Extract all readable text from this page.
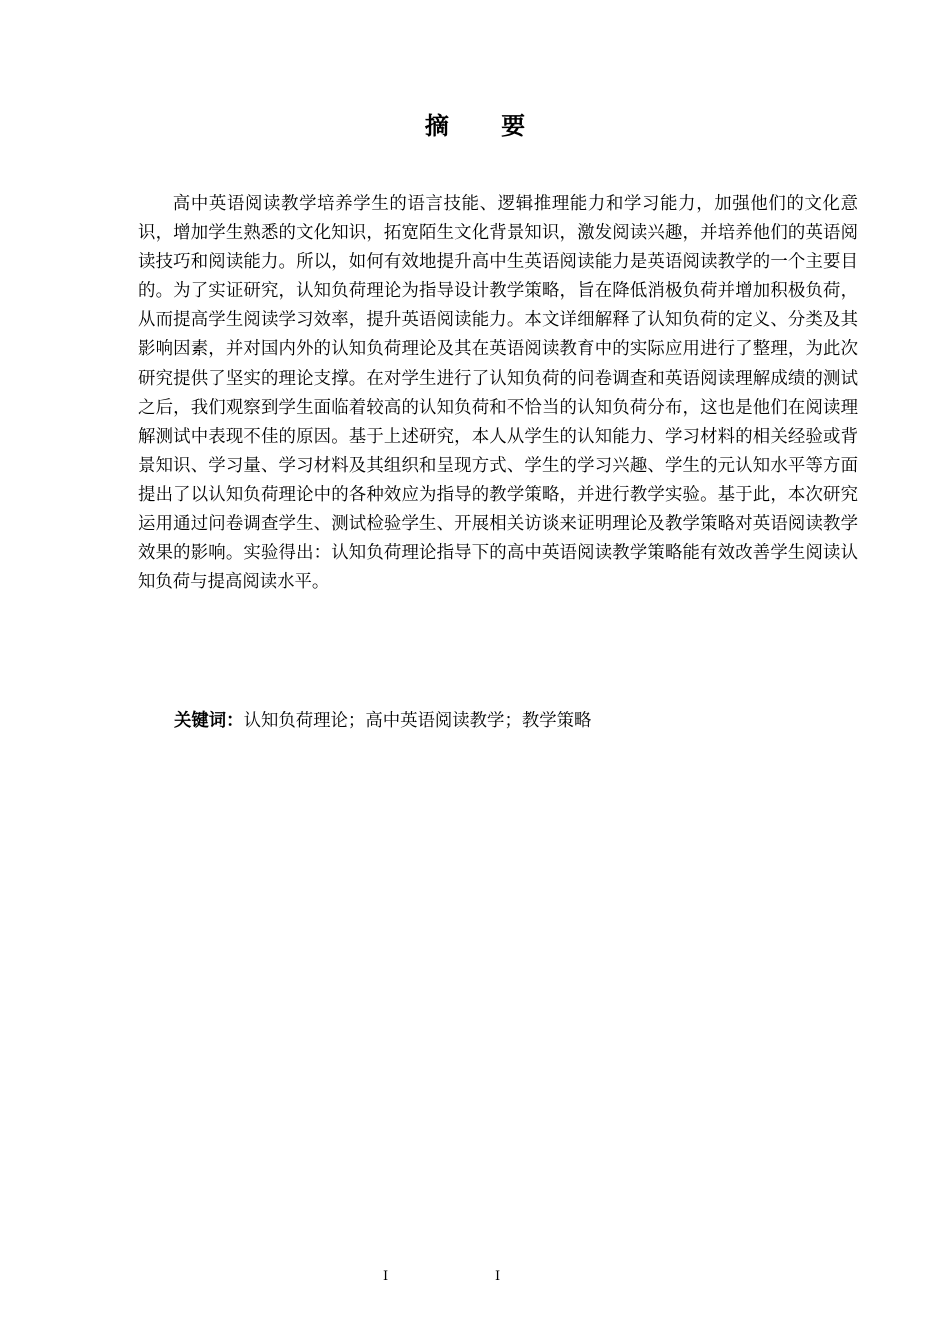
摘 要

高中英语阅读教学培养学生的语言技能、逻辑推理能力和学习能力，加强他们的文化意识，增加学生熟悉的文化知识，拓宽陌生文化背景知识，激发阅读兴趣，并培养他们的英语阅读技巧和阅读能力。所以，如何有效地提升高中生英语阅读能力是英语阅读教学的一个主要目的。为了实证研究，认知负荷理论为指导设计教学策略，旨在降低消极负荷并增加积极负荷，从而提高学生阅读学习效率，提升英语阅读能力。本文详细解释了认知负荷的定义、分类及其影响因素，并对国内外的认知负荷理论及其在英语阅读教育中的实际应用进行了整理，为此次研究提供了坚实的理论支撑。在对学生进行了认知负荷的问卷调查和英语阅读理解成绩的测试之后，我们观察到学生面临着较高的认知负荷和不恰当的认知负荷分布，这也是他们在阅读理解测试中表现不佳的原因。基于上述研究，本人从学生的认知能力、学习材料的相关经验或背景知识、学习量、学习材料及其组织和呈现方式、学生的学习兴趣、学生的元认知水平等方面提出了以认知负荷理论中的各种效应为指导的教学策略，并进行教学实验。基于此，本次研究运用通过问卷调查学生、测试检验学生、开展相关访谈来证明理论及教学策略对英语阅读教学效果的影响。实验得出：认知负荷理论指导下的高中英语阅读教学策略能有效改善学生阅读认知负荷与提高阅读水平。

关键词：认知负荷理论；高中英语阅读教学；教学策略
I	I
